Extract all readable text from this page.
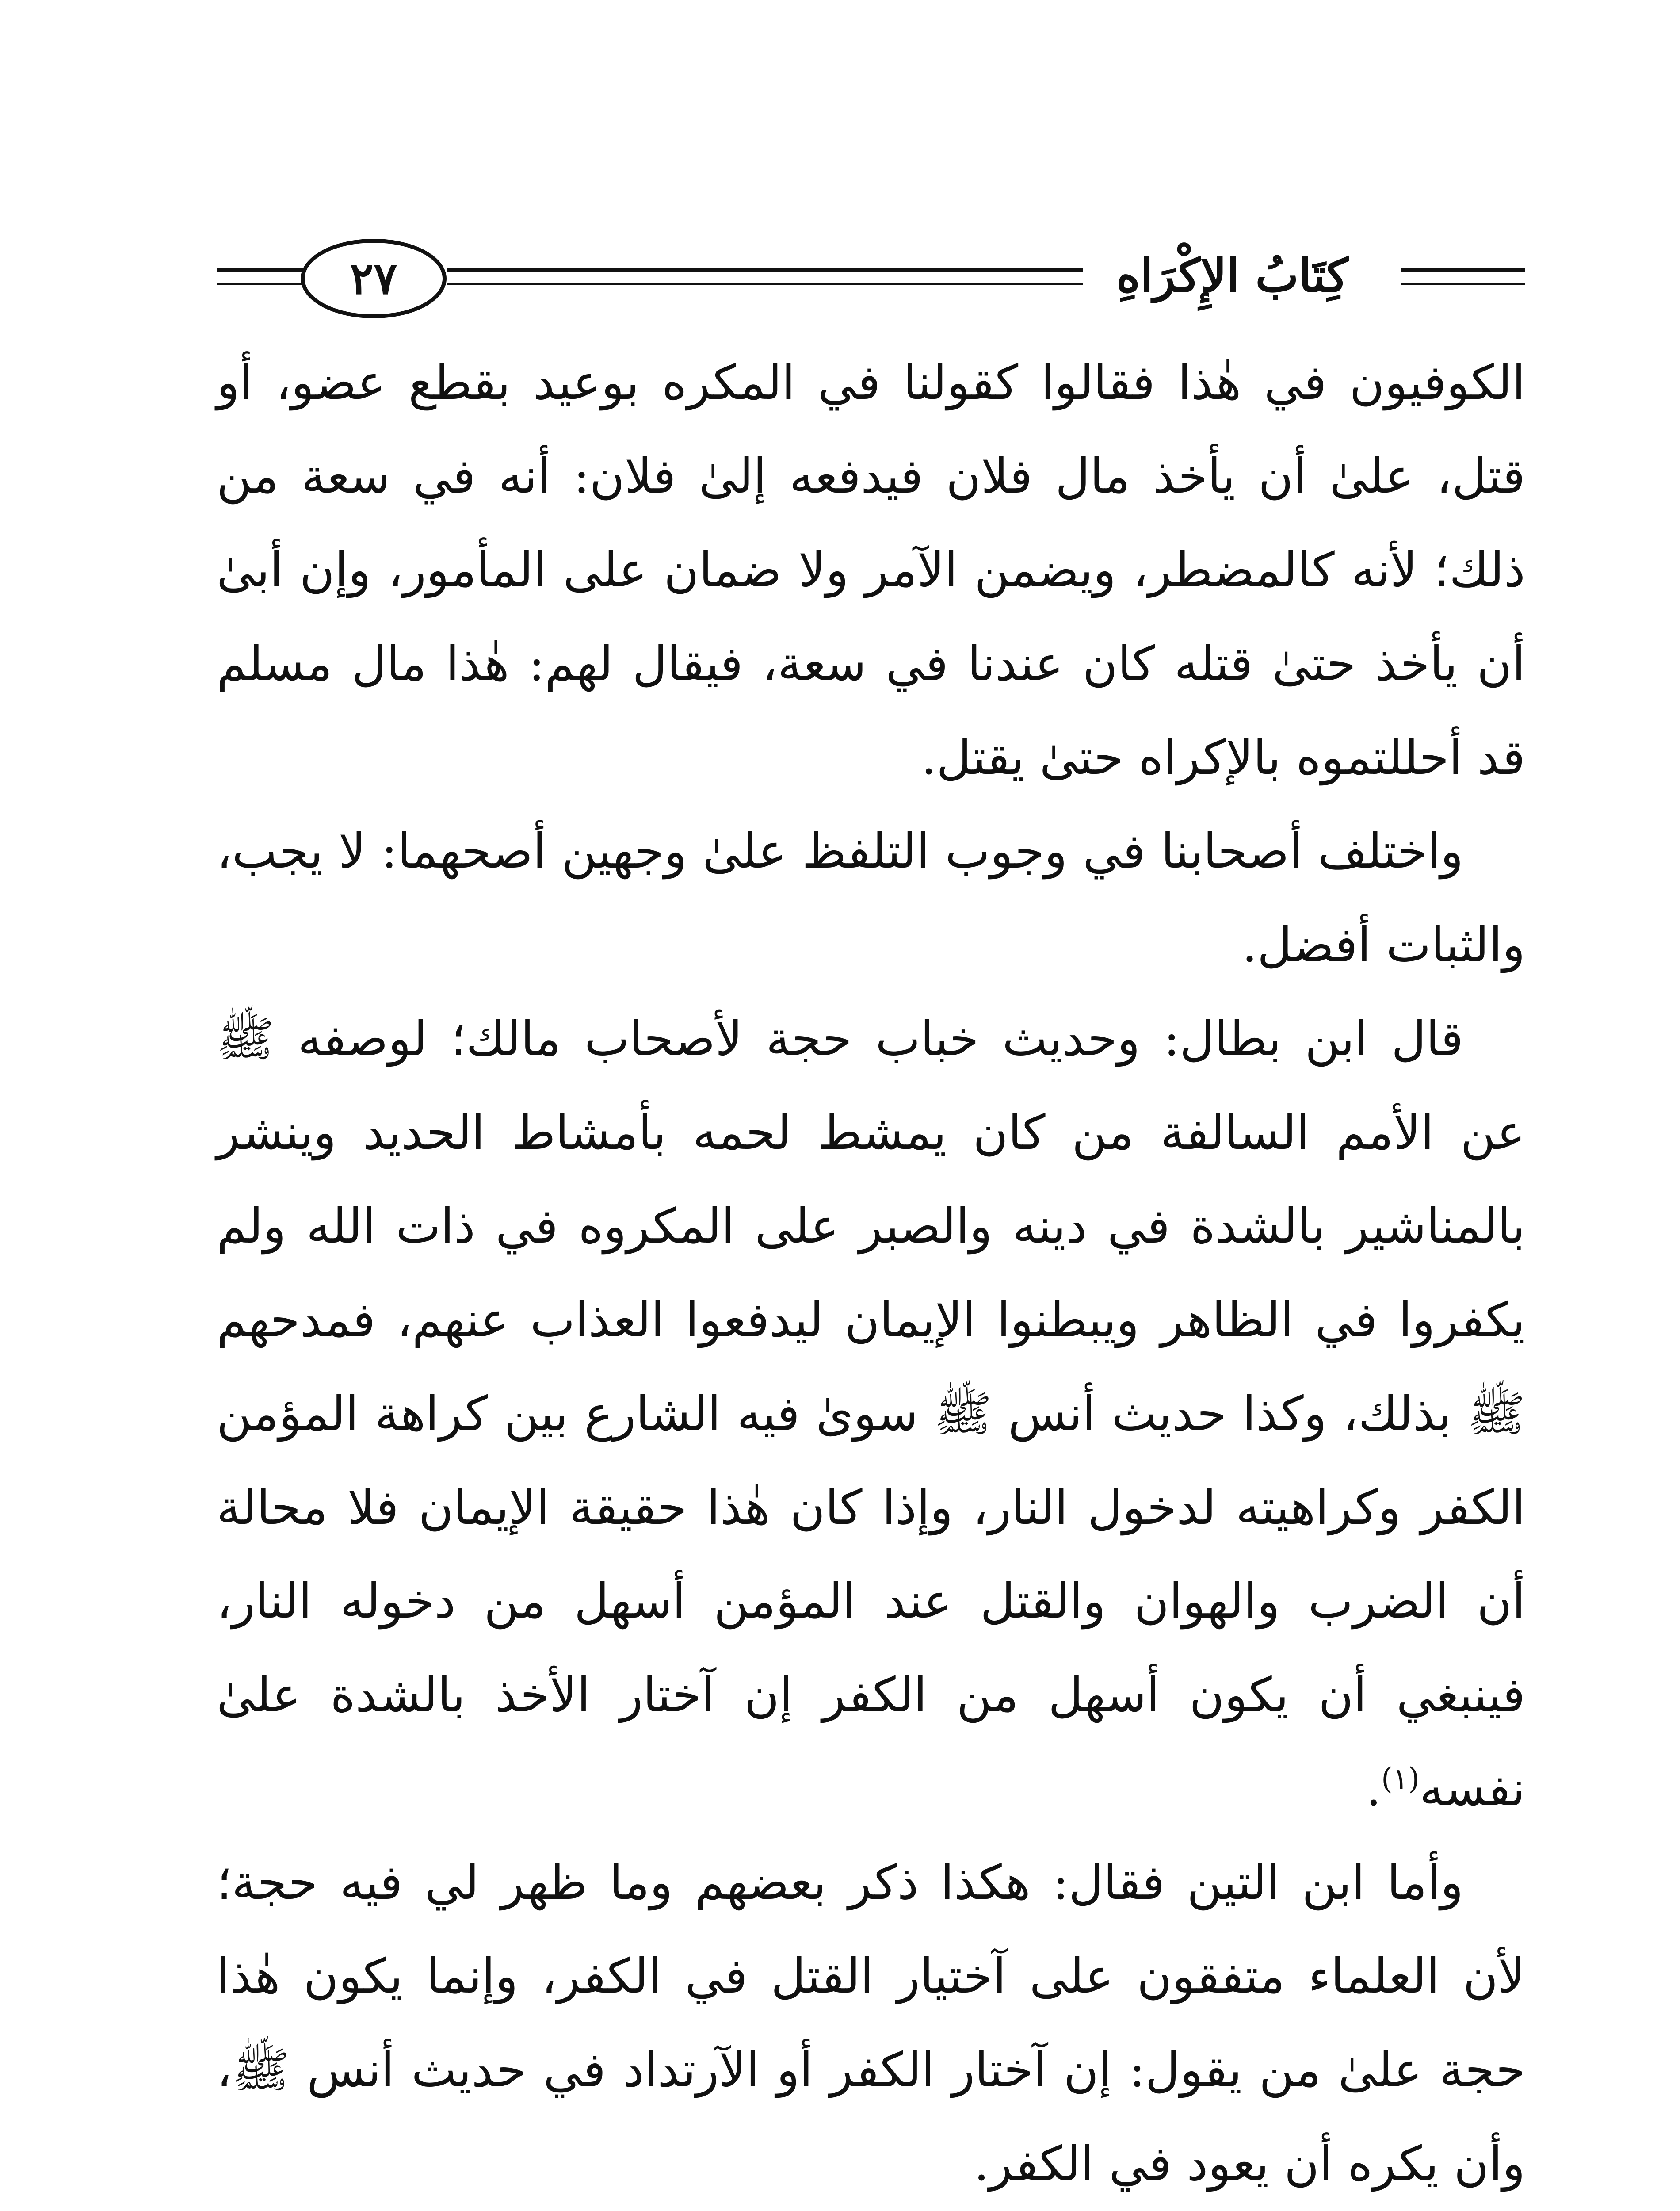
كِتَابُ الإِكْرَاهِ
٢٧

الكوفيون في هٰذا فقالوا كقولنا في المكره بوعيد بقطع عضو، أو قتل، علىٰ أن يأخذ مال فلان فيدفعه إلىٰ فلان: أنه في سعة من ذلك؛ لأنه كالمضطر، ويضمن الآمر ولا ضمان على المأمور، وإن أبىٰ أن يأخذ حتىٰ قتله كان عندنا في سعة، فيقال لهم: هٰذا مال مسلم قد أحللتموه بالإكراه حتىٰ يقتل.

واختلف أصحابنا في وجوب التلفظ علىٰ وجهين أصحهما: لا يجب، والثبات أفضل.

قال ابن بطال: وحديث خباب حجة لأصحاب مالك؛ لوصفه ﷺ عن الأمم السالفة من كان يمشط لحمه بأمشاط الحديد وينشر بالمناشير بالشدة في دينه والصبر على المكروه في ذات الله ولم يكفروا في الظاهر ويبطنوا الإيمان ليدفعوا العذاب عنهم، فمدحهم ﷺ بذلك، وكذا حديث أنس ﷺ سوىٰ فيه الشارع بين كراهة المؤمن الكفر وكراهيته لدخول النار، وإذا كان هٰذا حقيقة الإيمان فلا محالة أن الضرب والهوان والقتل عند المؤمن أسهل من دخوله النار، فينبغي أن يكون أسهل من الكفر إن آختار الأخذ بالشدة علىٰ نفسه$^{(١)}$.

وأما ابن التين فقال: هكذا ذكر بعضهم وما ظهر لي فيه حجة؛ لأن العلماء متفقون على آختيار القتل في الكفر، وإنما يكون هٰذا حجة علىٰ من يقول: إن آختار الكفر أو الآرتداد في حديث أنس ﷺ، وأن يكره أن يعود في الكفر.
